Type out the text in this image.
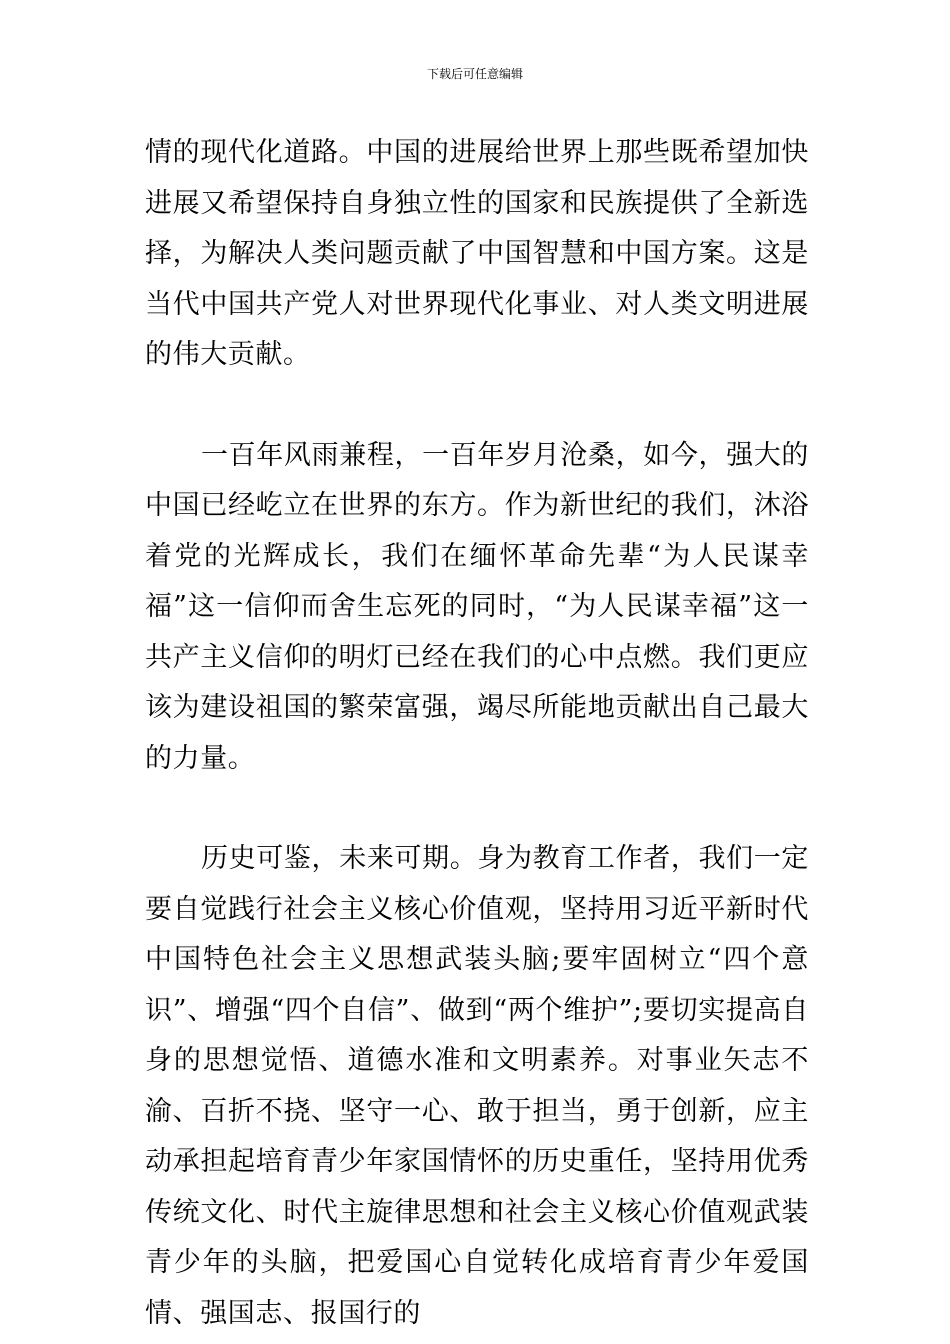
下载后可任意编辑

情的现代化道路。中国的进展给世界上那些既希望加快进展又希望保持自身独立性的国家和民族提供了全新选择，为解决人类问题贡献了中国智慧和中国方案。这是当代中国共产党人对世界现代化事业、对人类文明进展的伟大贡献。

一百年风雨兼程，一百年岁月沧桑，如今，强大的中国已经屹立在世界的东方。作为新世纪的我们，沐浴着党的光辉成长，我们在缅怀革命先辈“为人民谋幸福”这一信仰而舍生忘死的同时，“为人民谋幸福”这一共产主义信仰的明灯已经在我们的心中点燃。我们更应该为建设祖国的繁荣富强，竭尽所能地贡献出自己最大的力量。

历史可鉴，未来可期。身为教育工作者，我们一定要自觉践行社会主义核心价值观，坚持用习近平新时代中国特色社会主义思想武装头脑;要牢固树立“四个意识”、增强“四个自信”、做到“两个维护”;要切实提高自身的思想觉悟、道德水准和文明素养。对事业矢志不渝、百折不挠、坚守一心、敢于担当，勇于创新，应主动承担起培育青少年家国情怀的历史重任，坚持用优秀传统文化、时代主旋律思想和社会主义核心价值观武装青少年的头脑，把爱国心自觉转化成培育青少年爱国情、强国志、报国行的
